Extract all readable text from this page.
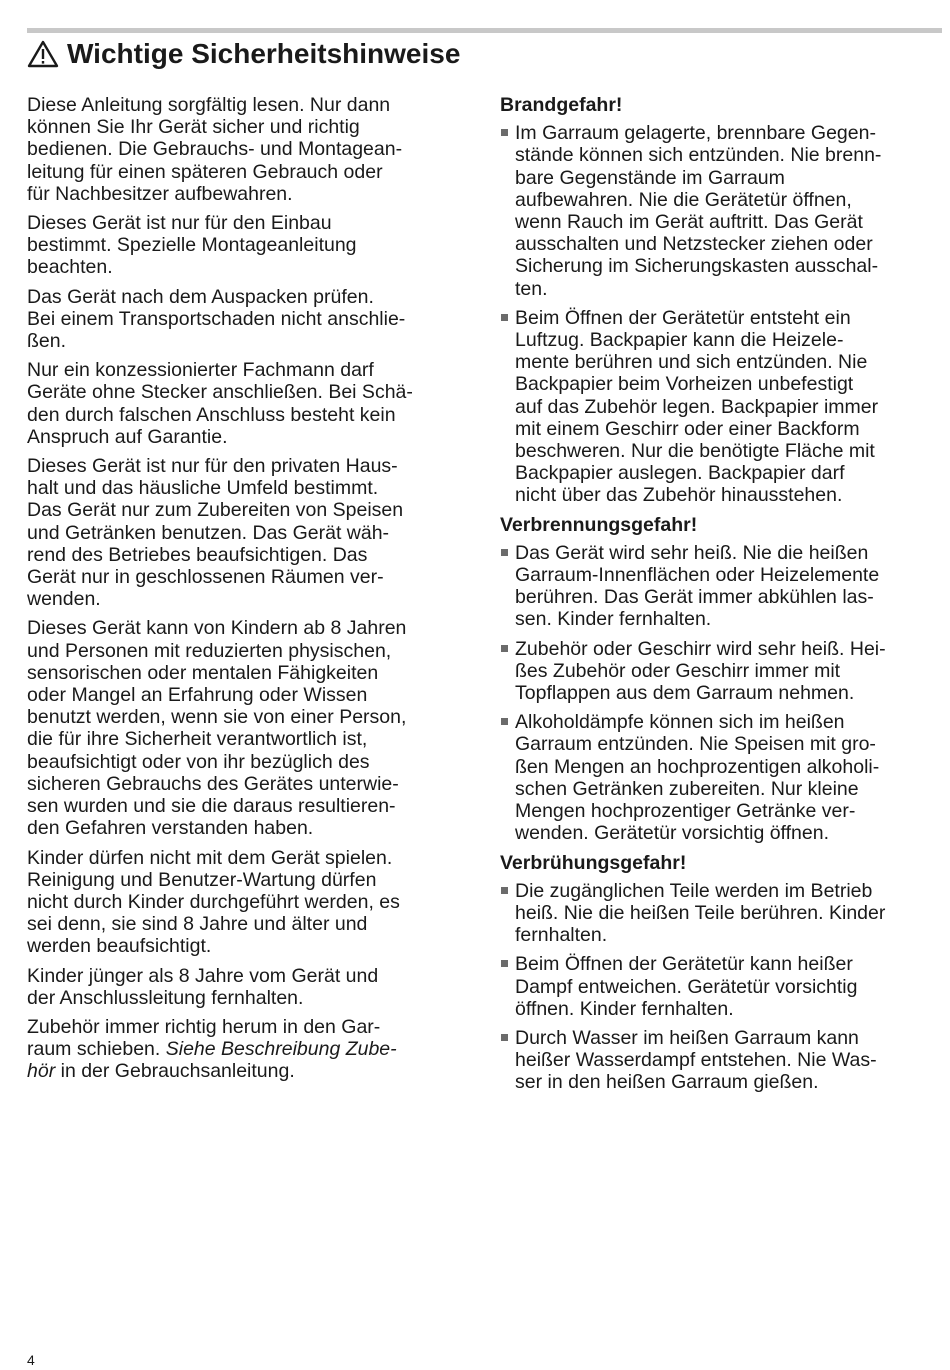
Wichtige Sicherheitshinweise

Diese Anleitung sorgfältig lesen. Nur dann
können Sie Ihr Gerät sicher und richtig
bedienen. Die Gebrauchs- und Montagean-
leitung für einen späteren Gebrauch oder
für Nachbesitzer aufbewahren.

Dieses Gerät ist nur für den Einbau
bestimmt. Spezielle Montageanleitung
beachten.

Das Gerät nach dem Auspacken prüfen.
Bei einem Transportschaden nicht anschlie-
ßen.

Nur ein konzessionierter Fachmann darf
Geräte ohne Stecker anschließen. Bei Schä-
den durch falschen Anschluss besteht kein
Anspruch auf Garantie.

Dieses Gerät ist nur für den privaten Haus-
halt und das häusliche Umfeld bestimmt.
Das Gerät nur zum Zubereiten von Speisen
und Getränken benutzen. Das Gerät wäh-
rend des Betriebes beaufsichtigen. Das
Gerät nur in geschlossenen Räumen ver-
wenden.

Dieses Gerät kann von Kindern ab 8 Jahren
und Personen mit reduzierten physischen,
sensorischen oder mentalen Fähigkeiten
oder Mangel an Erfahrung oder Wissen
benutzt werden, wenn sie von einer Person,
die für ihre Sicherheit verantwortlich ist,
beaufsichtigt oder von ihr bezüglich des
sicheren Gebrauchs des Gerätes unterwie-
sen wurden und sie die daraus resultieren-
den Gefahren verstanden haben.

Kinder dürfen nicht mit dem Gerät spielen.
Reinigung und Benutzer-Wartung dürfen
nicht durch Kinder durchgeführt werden, es
sei denn, sie sind 8 Jahre und älter und
werden beaufsichtigt.

Kinder jünger als 8 Jahre vom Gerät und
der Anschlussleitung fernhalten.

Zubehör immer richtig herum in den Gar-
raum schieben. Siehe Beschreibung Zube-
hör in der Gebrauchsanleitung.

Brandgefahr!
Im Garraum gelagerte, brennbare Gegen-
stände können sich entzünden. Nie brenn-
bare Gegenstände im Garraum
aufbewahren. Nie die Gerätetür öffnen,
wenn Rauch im Gerät auftritt. Das Gerät
ausschalten und Netzstecker ziehen oder
Sicherung im Sicherungskasten ausschal-
ten.
Beim Öffnen der Gerätetür entsteht ein
Luftzug. Backpapier kann die Heizele-
mente berühren und sich entzünden. Nie
Backpapier beim Vorheizen unbefestigt
auf das Zubehör legen. Backpapier immer
mit einem Geschirr oder einer Backform
beschweren. Nur die benötigte Fläche mit
Backpapier auslegen. Backpapier darf
nicht über das Zubehör hinausstehen.
Verbrennungsgefahr!
Das Gerät wird sehr heiß. Nie die heißen
Garraum-Innenflächen oder Heizelemente
berühren. Das Gerät immer abkühlen las-
sen. Kinder fernhalten.
Zubehör oder Geschirr wird sehr heiß. Hei-
ßes Zubehör oder Geschirr immer mit
Topflappen aus dem Garraum nehmen.
Alkoholdämpfe können sich im heißen
Garraum entzünden. Nie Speisen mit gro-
ßen Mengen an hochprozentigen alkoholi-
schen Getränken zubereiten. Nur kleine
Mengen hochprozentiger Getränke ver-
wenden. Gerätetür vorsichtig öffnen.
Verbrühungsgefahr!
Die zugänglichen Teile werden im Betrieb
heiß. Nie die heißen Teile berühren. Kinder
fernhalten.
Beim Öffnen der Gerätetür kann heißer
Dampf entweichen. Gerätetür vorsichtig
öffnen. Kinder fernhalten.
Durch Wasser im heißen Garraum kann
heißer Wasserdampf entstehen. Nie Was-
ser in den heißen Garraum gießen.
4
